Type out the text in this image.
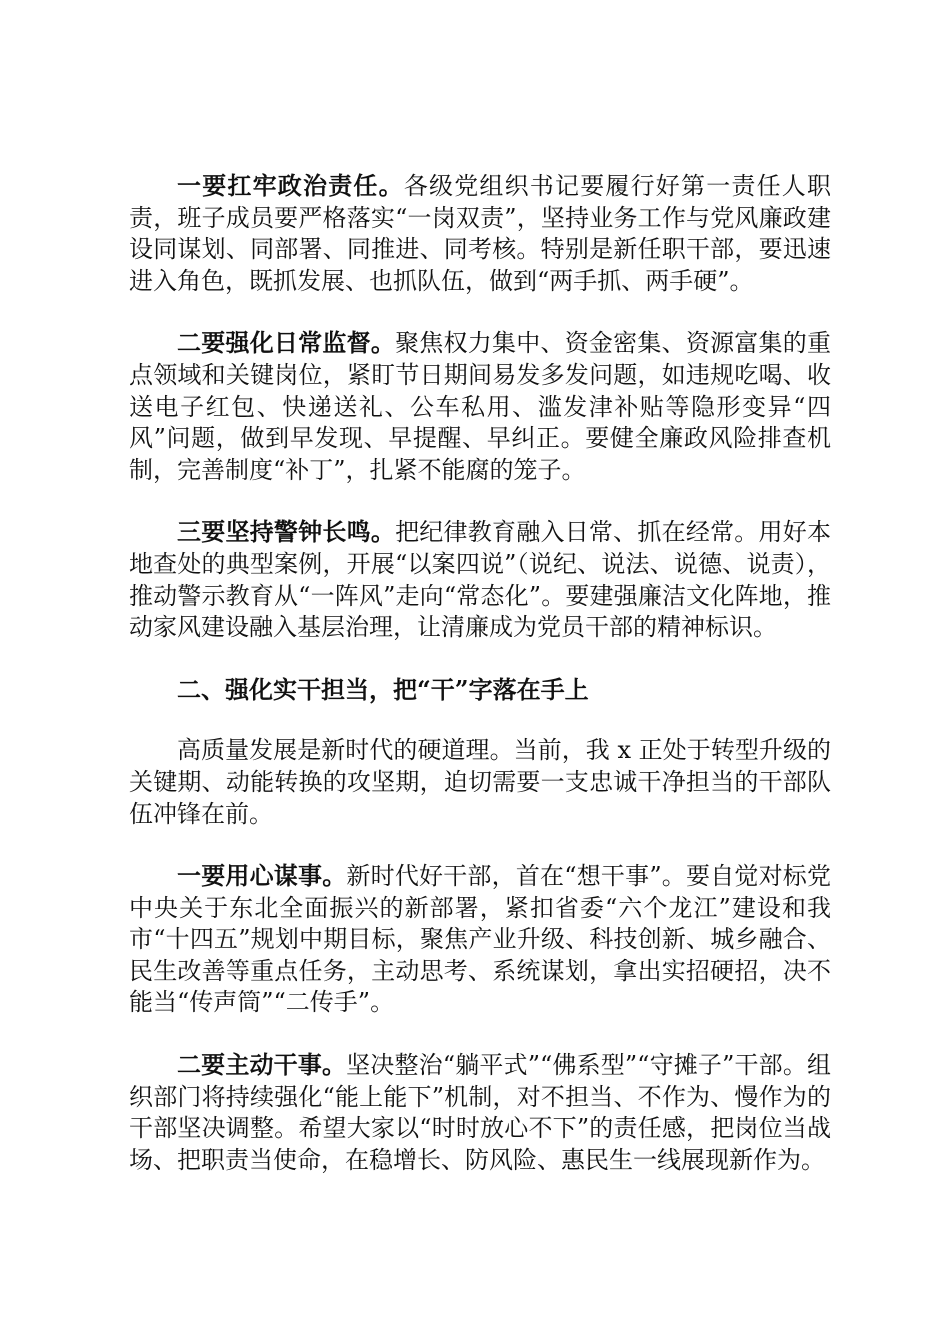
一要扛牢政治责任。各级党组织书记要履行好第一责任人职责，班子成员要严格落实“一岗双责”，坚持业务工作与党风廉政建设同谋划、同部署、同推进、同考核。特别是新任职干部，要迅速进入角色，既抓发展、也抓队伍，做到“两手抓、两手硬”。

二要强化日常监督。聚焦权力集中、资金密集、资源富集的重点领域和关键岗位，紧盯节日期间易发多发问题，如违规吃喝、收送电子红包、快递送礼、公车私用、滥发津补贴等隐形变异“四风”问题，做到早发现、早提醒、早纠正。要健全廉政风险排查机制，完善制度“补丁”，扎紧不能腐的笼子。

三要坚持警钟长鸣。把纪律教育融入日常、抓在经常。用好本地查处的典型案例，开展“以案四说”（说纪、说法、说德、说责），推动警示教育从“一阵风”走向“常态化”。要建强廉洁文化阵地，推动家风建设融入基层治理，让清廉成为党员干部的精神标识。

二、强化实干担当，把“干”字落在手上

高质量发展是新时代的硬道理。当前，我 x 正处于转型升级的关键期、动能转换的攻坚期，迫切需要一支忠诚干净担当的干部队伍冲锋在前。

一要用心谋事。新时代好干部，首在“想干事”。要自觉对标党中央关于东北全面振兴的新部署，紧扣省委“六个龙江”建设和我市“十四五”规划中期目标，聚焦产业升级、科技创新、城乡融合、民生改善等重点任务，主动思考、系统谋划，拿出实招硬招，决不能当“传声筒”“二传手”。

二要主动干事。坚决整治“躺平式”“佛系型”“守摊子”干部。组织部门将持续强化“能上能下”机制，对不担当、不作为、慢作为的干部坚决调整。希望大家以“时时放心不下”的责任感，把岗位当战场、把职责当使命，在稳增长、防风险、惠民生一线展现新作为。
